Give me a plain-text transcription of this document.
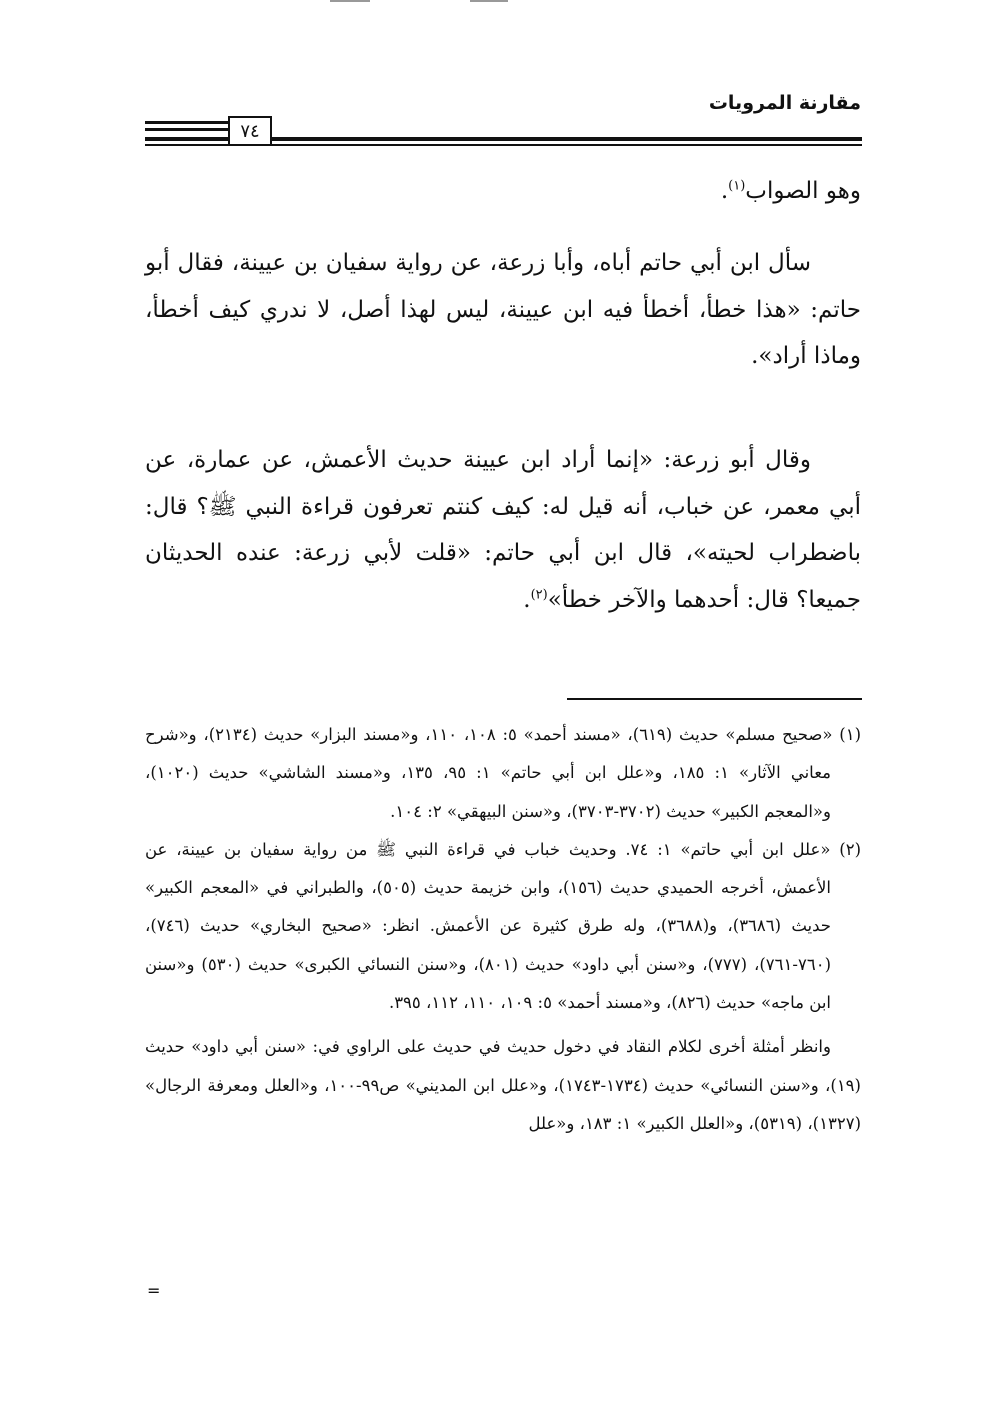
مقارنة المرويات
٧٤

وهو الصواب$^{(١)}$.

سأل ابن أبي حاتم أباه، وأبا زرعة، عن رواية سفيان بن عيينة، فقال أبو حاتم: «هذا خطأ، أخطأ فيه ابن عيينة، ليس لهذا أصل، لا ندري كيف أخطأ، وماذا أراد».

وقال أبو زرعة: «إنما أراد ابن عيينة حديث الأعمش، عن عمارة، عن أبي معمر، عن خباب، أنه قيل له: كيف كنتم تعرفون قراءة النبي ﷺ؟ قال: باضطراب لحيته»، قال ابن أبي حاتم: «قلت لأبي زرعة: عنده الحديثان جميعا؟ قال: أحدهما والآخر خطأ»$^{(٢)}$.

(١) «صحيح مسلم» حديث (٦١٩)، «مسند أحمد» ٥: ١٠٨، ١١٠، و«مسند البزار» حديث (٢١٣٤)، و«شرح معاني الآثار» ١: ١٨٥، و«علل ابن أبي حاتم» ١: ٩٥، ١٣٥، و«مسند الشاشي» حديث (١٠٢٠)، و«المعجم الكبير» حديث (٣٧٠٢-٣٧٠٣)، و«سنن البيهقي» ٢: ١٠٤.

(٢) «علل ابن أبي حاتم» ١: ٧٤. وحديث خباب في قراءة النبي ﷺ من رواية سفيان بن عيينة، عن الأعمش، أخرجه الحميدي حديث (١٥٦)، وابن خزيمة حديث (٥٠٥)، والطبراني في «المعجم الكبير» حديث (٣٦٨٦)، و(٣٦٨٨)، وله طرق كثيرة عن الأعمش. انظر: «صحيح البخاري» حديث (٧٤٦)، (٧٦٠-٧٦١)، (٧٧٧)، و«سنن أبي داود» حديث (٨٠١)، و«سنن النسائي الكبرى» حديث (٥٣٠) و«سنن ابن ماجه» حديث (٨٢٦)، و«مسند أحمد» ٥: ١٠٩، ١١٠، ١١٢، ٣٩٥.

وانظر أمثلة أخرى لكلام النقاد في دخول حديث في حديث على الراوي في: «سنن أبي داود» حديث (١٩)، و«سنن النسائي» حديث (١٧٣٤-١٧٤٣)، و«علل ابن المديني» ص٩٩-١٠٠، و«العلل ومعرفة الرجال» (١٣٢٧)، (٥٣١٩)، و«العلل الكبير» ١: ١٨٣، و«علل

=
